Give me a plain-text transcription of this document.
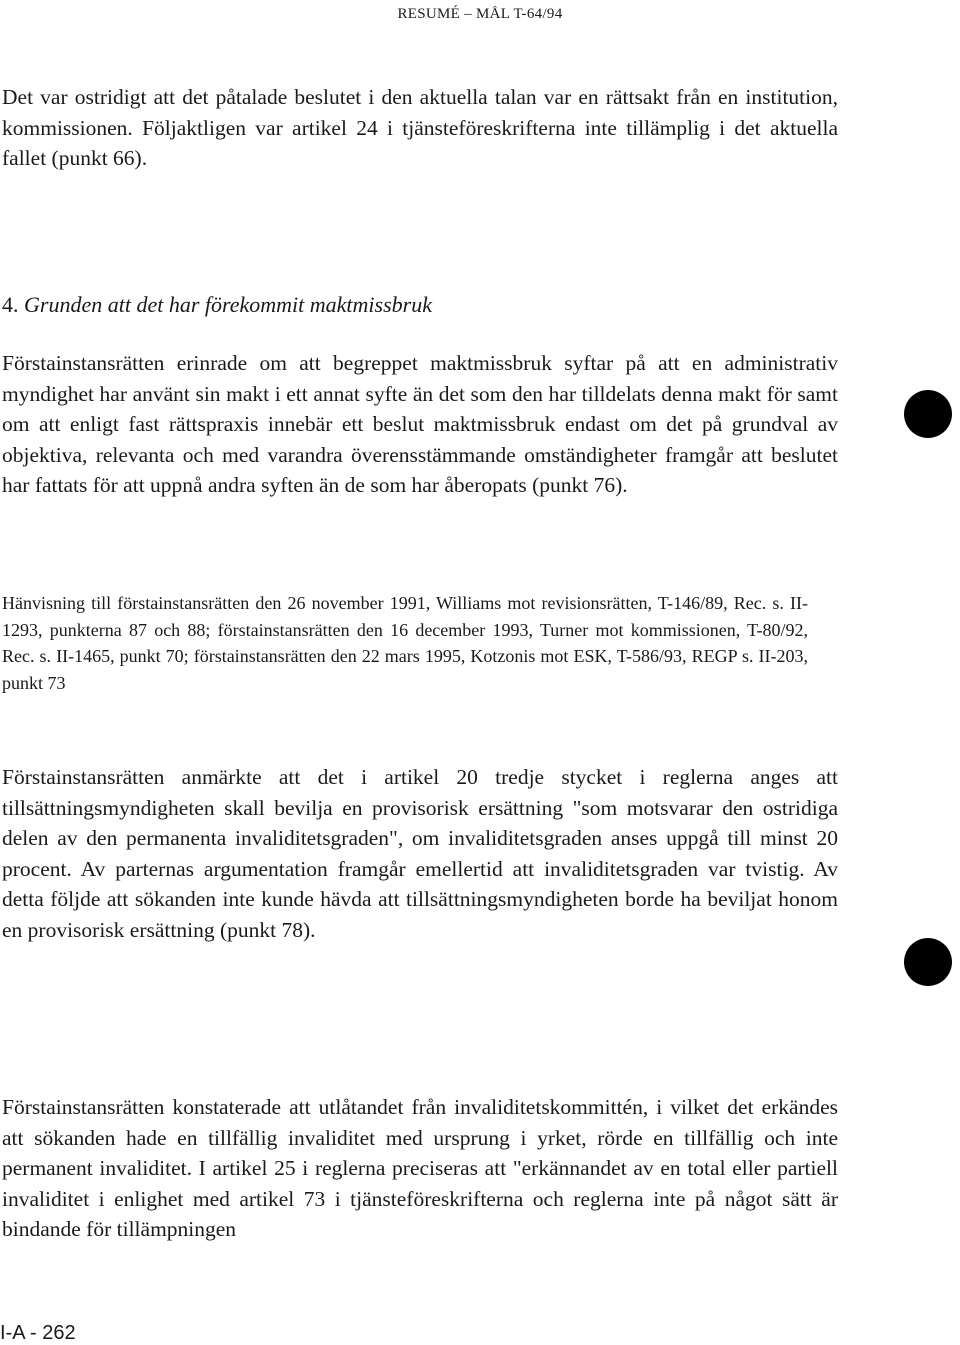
RESUMÉ – MÅL T-64/94

Det var ostridigt att det påtalade beslutet i den aktuella talan var en rättsakt från en institution, kommissionen. Följaktligen var artikel 24 i tjänsteföreskrifterna inte tillämplig i det aktuella fallet (punkt 66).

4. Grunden att det har förekommit maktmissbruk

Förstainstansrätten erinrade om att begreppet maktmissbruk syftar på att en administrativ myndighet har använt sin makt i ett annat syfte än det som den har tilldelats denna makt för samt om att enligt fast rättspraxis innebär ett beslut maktmissbruk endast om det på grundval av objektiva, relevanta och med varandra överensstämmande omständigheter framgår att beslutet har fattats för att uppnå andra syften än de som har åberopats (punkt 76).

Hänvisning till förstainstansrätten den 26 november 1991, Williams mot revisionsrätten, T-146/89, Rec. s. II-1293, punkterna 87 och 88; förstainstansrätten den 16 december 1993, Turner mot kommissionen, T-80/92, Rec. s. II-1465, punkt 70; förstainstansrätten den 22 mars 1995, Kotzonis mot ESK, T-586/93, REGP s. II-203, punkt 73

Förstainstansrätten anmärkte att det i artikel 20 tredje stycket i reglerna anges att tillsättningsmyndigheten skall bevilja en provisorisk ersättning "som motsvarar den ostridiga delen av den permanenta invaliditetsgraden", om invaliditetsgraden anses uppgå till minst 20 procent. Av parternas argumentation framgår emellertid att invaliditetsgraden var tvistig. Av detta följde att sökanden inte kunde hävda att tillsättningsmyndigheten borde ha beviljat honom en provisorisk ersättning (punkt 78).

Förstainstansrätten konstaterade att utlåtandet från invaliditetskommittén, i vilket det erkändes att sökanden hade en tillfällig invaliditet med ursprung i yrket, rörde en tillfällig och inte permanent invaliditet. I artikel 25 i reglerna preciseras att "erkännandet av en total eller partiell invaliditet i enlighet med artikel 73 i tjänsteföreskrifterna och reglerna inte på något sätt är bindande för tillämpningen

I-A - 262
